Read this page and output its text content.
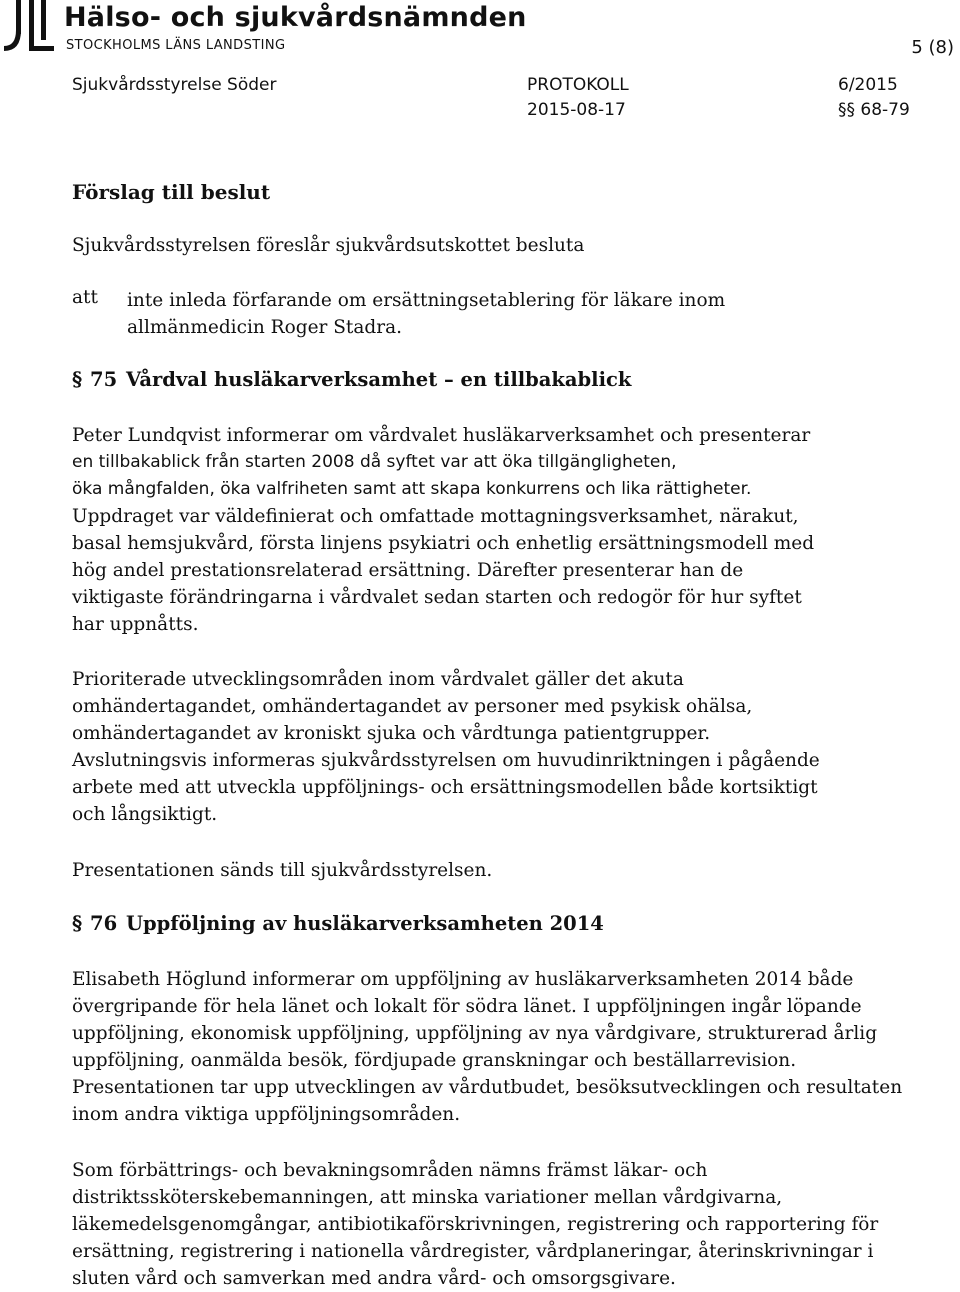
Hälso- och sjukvårdsnämnden
STOCKHOLMS LÄNS LANDSTING	5 (8)
Sjukvårdsstyrelse Söder	PROTOKOLL	6/2015
2015-08-17	§§ 68-79
Förslag till beslut
Sjukvårdsstyrelsen föreslår sjukvårdsutskottet besluta
att inte inleda förfarande om ersättningsetablering för läkare inom
allmänmedicin Roger Stadra.
§ 75 Vårdval husläkarverksamhet – en tillbakablick
Peter Lundqvist informerar om vårdvalet husläkarverksamhet och presenterar
en tillbakablick från starten 2008 då syftet var att öka tillgängligheten,
öka mångfalden, öka valfriheten samt att skapa konkurrens och lika rättigheter.
Uppdraget var väldefinierat och omfattade mottagningsverksamhet, närakut,
basal hemsjukvård, första linjens psykiatri och enhetlig ersättningsmodell med
hög andel prestationsrelaterad ersättning. Därefter presenterar han de
viktigaste förändringarna i vårdvalet sedan starten och redogör för hur syftet
har uppnåtts.
Prioriterade utvecklingsområden inom vårdvalet gäller det akuta
omhändertagandet, omhändertagandet av personer med psykisk ohälsa,
omhändertagandet av kroniskt sjuka och vårdtunga patientgrupper.
Avslutningsvis informeras sjukvårdsstyrelsen om huvudinriktningen i pågående
arbete med att utveckla uppföljnings- och ersättningsmodellen både kortsiktigt
och långsiktigt.
Presentationen sänds till sjukvårdsstyrelsen.
§ 76 Uppföljning av husläkarverksamheten 2014
Elisabeth Höglund informerar om uppföljning av husläkarverksamheten 2014 både
övergripande för hela länet och lokalt för södra länet. I uppföljningen ingår löpande
uppföljning, ekonomisk uppföljning, uppföljning av nya vårdgivare, strukturerad årlig
uppföljning, oanmälda besök, fördjupade granskningar och beställarrevision.
Presentationen tar upp utvecklingen av vårdutbudet, besöksutvecklingen och resultaten
inom andra viktiga uppföljningsområden.
Som förbättrings- och bevakningsområden nämns främst läkar- och
distriktssköterskebemanningen, att minska variationer mellan vårdgivarna,
läkemedelsgenomgångar, antibiotikaförskrivningen, registrering och rapportering för
ersättning, registrering i nationella vårdregister, vårdplaneringar, återinskrivningar i
sluten vård och samverkan med andra vård- och omsorgsgivare.
